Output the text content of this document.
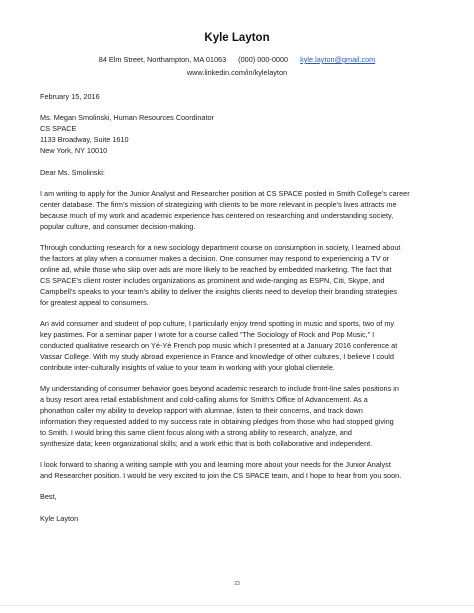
Kyle Layton
84 Elm Street, Northampton, MA 01063 (000) 000-0000 kyle.layton@gmail.com
www.linkedin.com/in/kylelayton

February 15, 2016

Ms. Megan Smolinski, Human Resources Coordinator
CS SPACE
1133 Broadway, Suite 1610
New York, NY 10010

Dear Ms. Smolinski:

I am writing to apply for the Junior Analyst and Researcher position at CS SPACE posted in Smith College’s career
center database. The firm’s mission of strategizing with clients to be more relevant in people’s lives attracts me
because much of my work and academic experience has centered on researching and understanding society,
popular culture, and consumer decision-making.

Through conducting research for a new sociology department course on consumption in society, I learned about
the factors at play when a consumer makes a decision. One consumer may respond to experiencing a TV or
online ad, while those who skip over ads are more likely to be reached by embedded marketing. The fact that
CS SPACE’s client roster includes organizations as prominent and wide-ranging as ESPN, Citi, Skype, and
Campbell’s speaks to your team’s ability to deliver the insights clients need to develop their branding strategies
for greatest appeal to consumers.

An avid consumer and student of pop culture, I particularly enjoy trend spotting in music and sports, two of my
key pastimes. For a seminar paper I wrote for a course called “The Sociology of Rock and Pop Music,” I
conducted qualitative research on Yé-Yé French pop music which I presented at a January 2016 conference at
Vassar College. With my study abroad experience in France and knowledge of other cultures, I believe I could
contribute inter-culturally insights of value to your team in working with your global clientele.

My understanding of consumer behavior goes beyond academic research to include front-line sales positions in
a busy resort area retail establishment and cold-calling alums for Smith’s Office of Advancement. As a
phonathon caller my ability to develop rapport with alumnae, listen to their concerns, and track down
information they requested added to my success rate in obtaining pledges from those who had stopped giving
to Smith. I would bring this same client focus along with a strong ability to research, analyze, and
synthesize data; keen organizational skills; and a work ethic that is both collaborative and independent.

I look forward to sharing a writing sample with you and learning more about your needs for the Junior Analyst
and Researcher position. I would be very excited to join the CS SPACE team, and I hope to hear from you soon.

Best,

Kyle Layton

23
